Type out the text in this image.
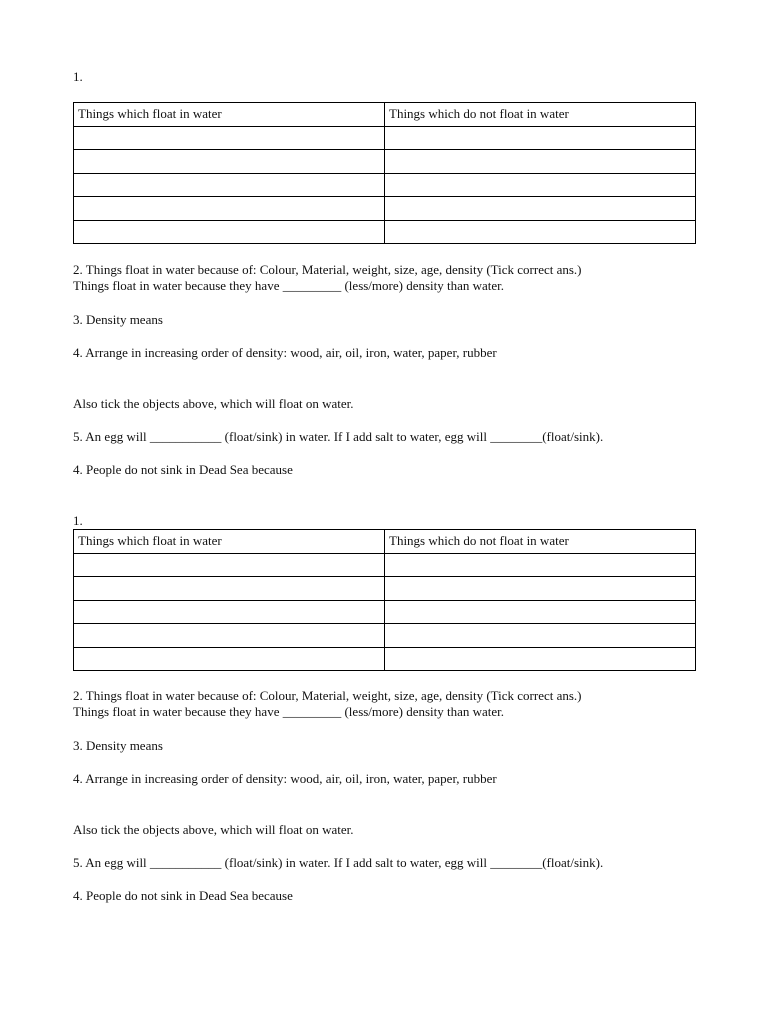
1.
Things which float in water	Things which do not float in water

2. Things float in water because of: Colour, Material, weight, size, age, density (Tick correct ans.)
Things float in water because they have _________ (less/more) density than water.
3. Density means
4. Arrange in increasing order of density: wood, air, oil, iron, water, paper, rubber
Also tick the objects above, which will float on water.
5. An egg will ___________ (float/sink) in water. If I add salt to water, egg will ________(float/sink).
4. People do not sink in Dead Sea because
1.
Things which float in water	Things which do not float in water

2. Things float in water because of: Colour, Material, weight, size, age, density (Tick correct ans.)
Things float in water because they have _________ (less/more) density than water.
3. Density means
4. Arrange in increasing order of density: wood, air, oil, iron, water, paper, rubber
Also tick the objects above, which will float on water.
5. An egg will ___________ (float/sink) in water. If I add salt to water, egg will ________(float/sink).
4. People do not sink in Dead Sea because
